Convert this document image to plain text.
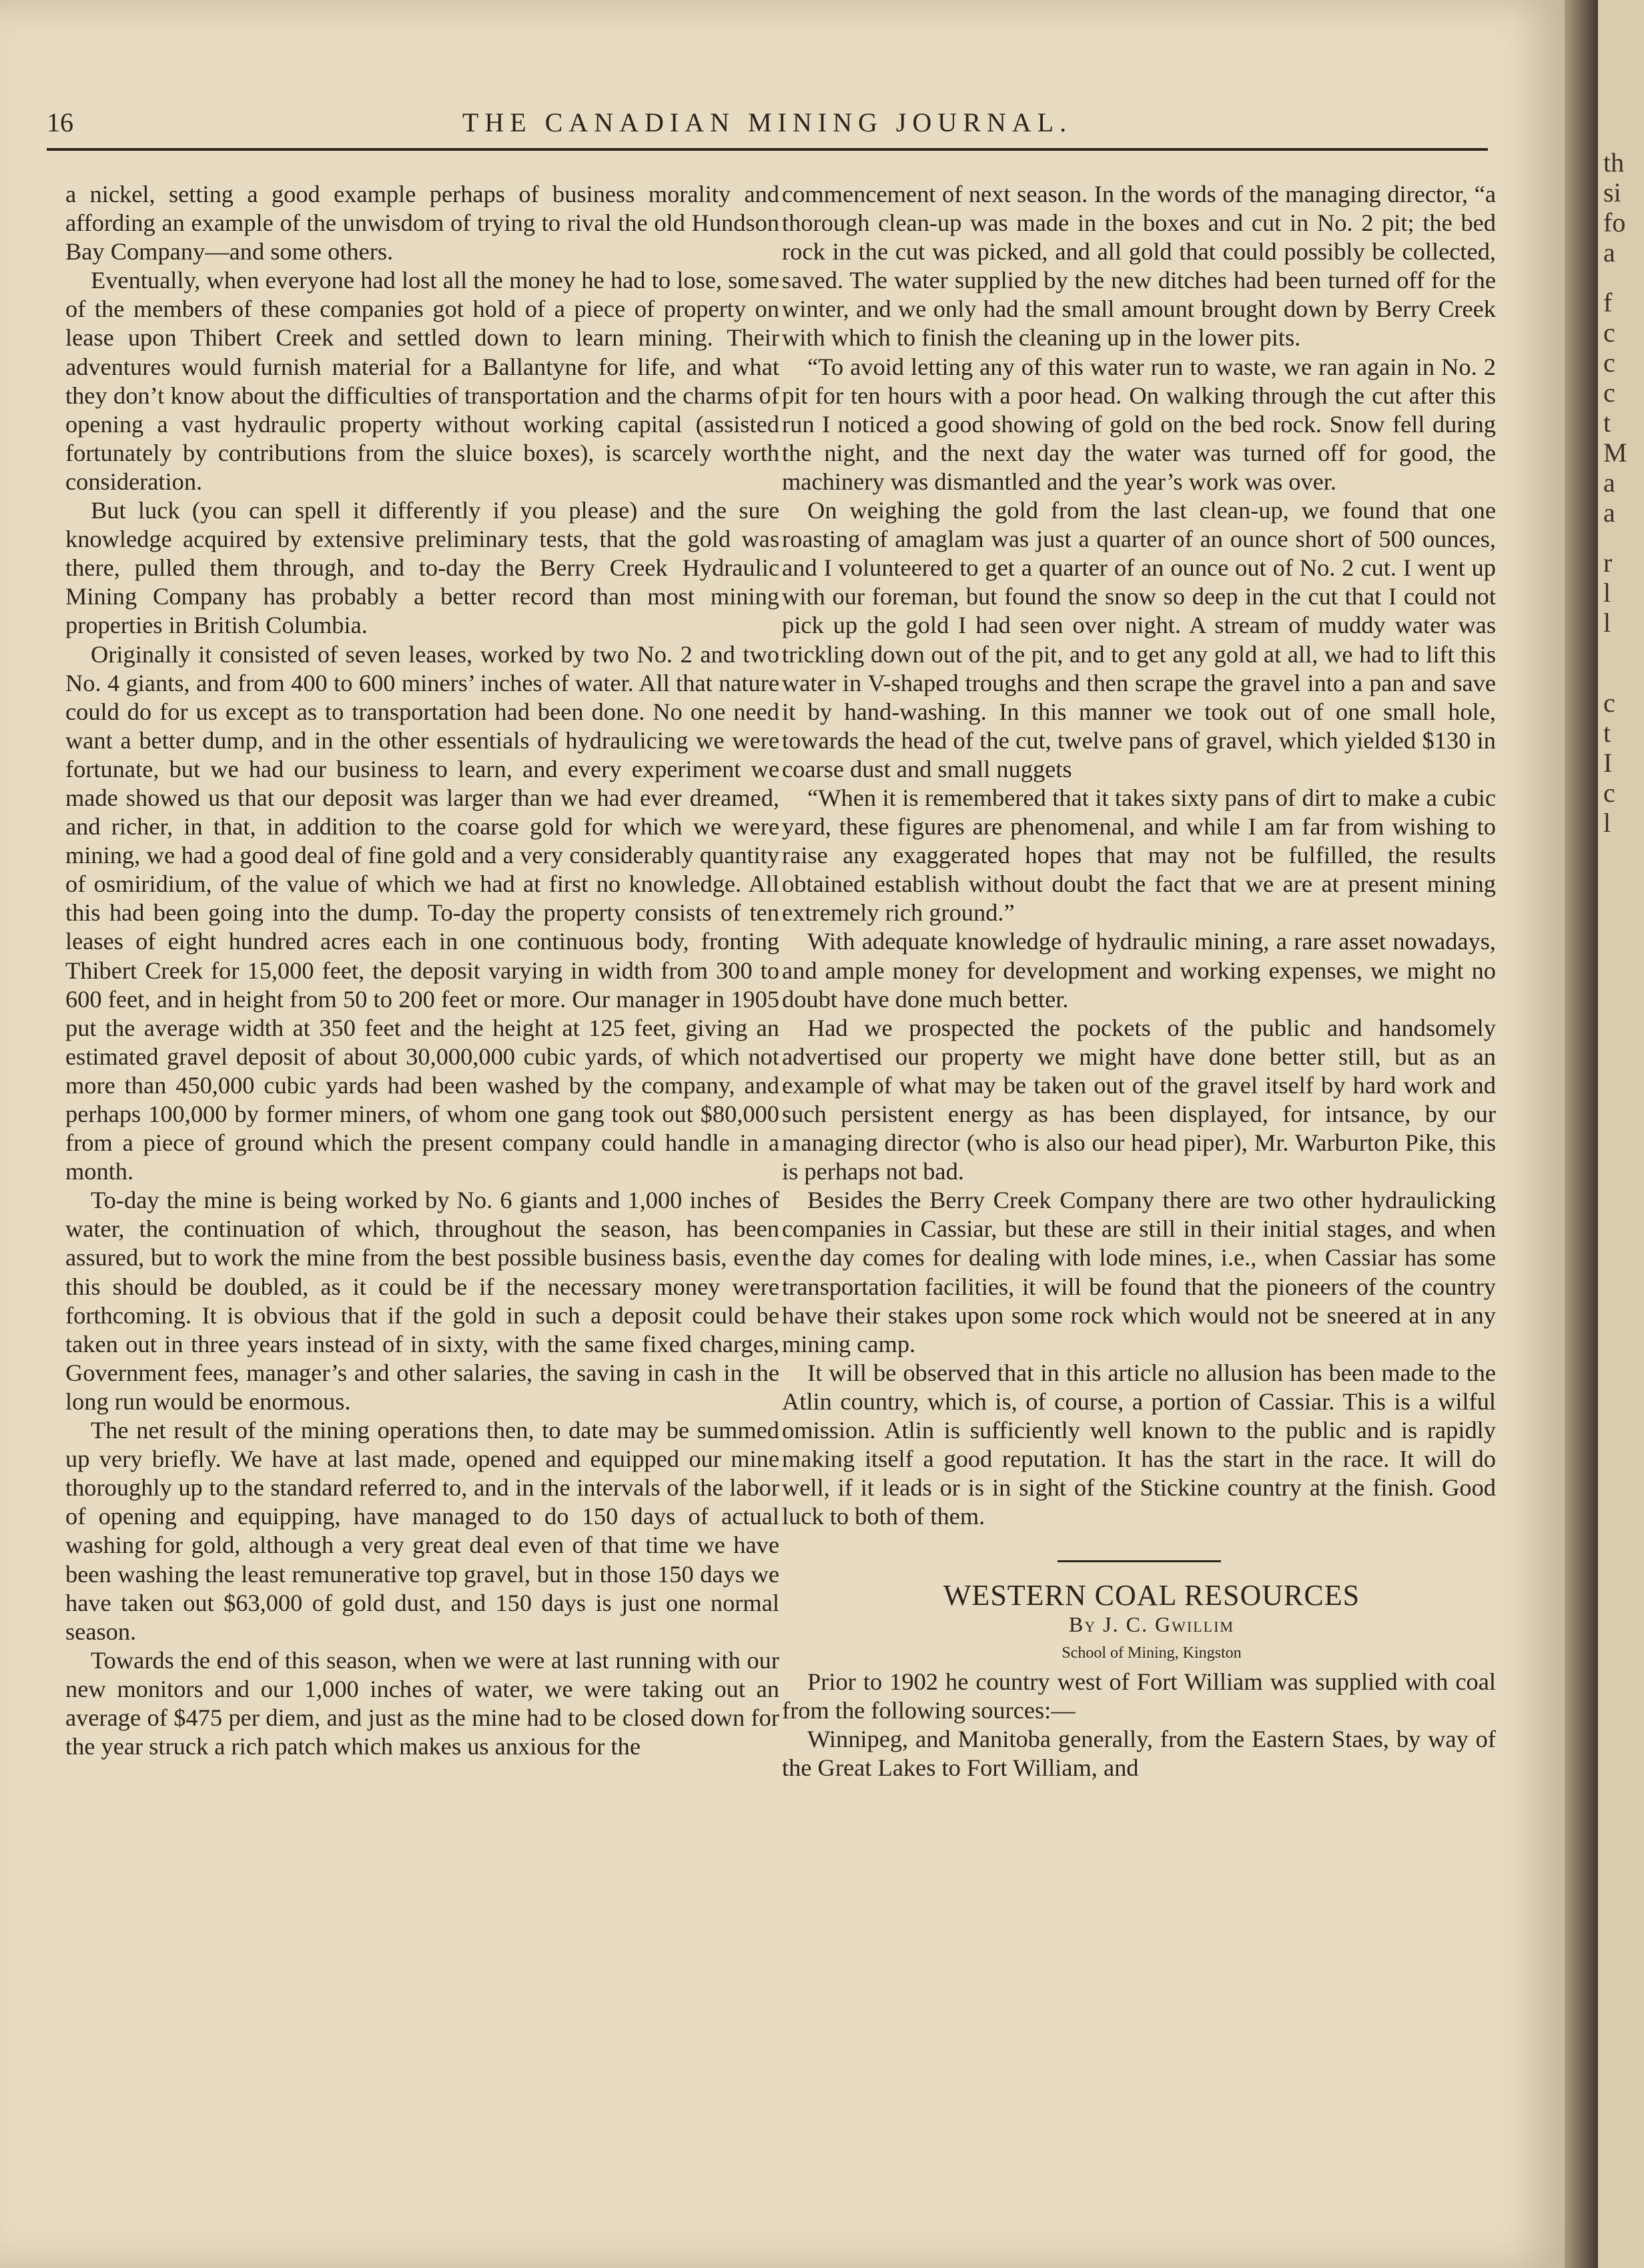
16	THE CANADIAN MINING JOURNAL.

a nickel, setting a good example perhaps of business morality and affording an example of the unwisdom of trying to rival the old Hundson Bay Company—and some others.

Eventually, when everyone had lost all the money he had to lose, some of the members of these companies got hold of a piece of property on lease upon Thibert Creek and settled down to learn mining. Their adventures would furnish material for a Ballantyne for life, and what they don’t know about the difficulties of transportation and the charms of opening a vast hydraulic property without working capital (assisted fortunately by contributions from the sluice boxes), is scarcely worth consideration.

But luck (you can spell it differently if you please) and the sure knowledge acquired by extensive preliminary tests, that the gold was there, pulled them through, and to-day the Berry Creek Hydraulic Mining Company has probably a better record than most mining properties in British Columbia.

Originally it consisted of seven leases, worked by two No. 2 and two No. 4 giants, and from 400 to 600 miners’ inches of water. All that nature could do for us except as to transportation had been done. No one need want a better dump, and in the other essentials of hydraulicing we were fortunate, but we had our business to learn, and every experiment we made showed us that our deposit was larger than we had ever dreamed, and richer, in that, in addition to the coarse gold for which we were mining, we had a good deal of fine gold and a very considerably quantity of osmiridium, of the value of which we had at first no knowledge. All this had been going into the dump. To-day the property consists of ten leases of eight hundred acres each in one continuous body, fronting Thibert Creek for 15,000 feet, the deposit varying in width from 300 to 600 feet, and in height from 50 to 200 feet or more. Our manager in 1905 put the average width at 350 feet and the height at 125 feet, giving an estimated gravel deposit of about 30,000,000 cubic yards, of which not more than 450,000 cubic yards had been washed by the company, and perhaps 100,000 by former miners, of whom one gang took out $80,000 from a piece of ground which the present company could handle in a month.

To-day the mine is being worked by No. 6 giants and 1,000 inches of water, the continuation of which, throughout the season, has been assured, but to work the mine from the best possible business basis, even this should be doubled, as it could be if the necessary money were forthcoming. It is obvious that if the gold in such a deposit could be taken out in three years instead of in sixty, with the same fixed charges, Government fees, manager’s and other salaries, the saving in cash in the long run would be enormous.

The net result of the mining operations then, to date may be summed up very briefly. We have at last made, opened and equipped our mine thoroughly up to the standard referred to, and in the intervals of the labor of opening and equipping, have managed to do 150 days of actual washing for gold, although a very great deal even of that time we have been washing the least remunerative top gravel, but in those 150 days we have taken out $63,000 of gold dust, and 150 days is just one normal season.

Towards the end of this season, when we were at last running with our new monitors and our 1,000 inches of water, we were taking out an average of $475 per diem, and just as the mine had to be closed down for the year struck a rich patch which makes us anxious for the

commencement of next season. In the words of the managing director, “a thorough clean-up was made in the boxes and cut in No. 2 pit; the bed rock in the cut was picked, and all gold that could possibly be collected, saved. The water supplied by the new ditches had been turned off for the winter, and we only had the small amount brought down by Berry Creek with which to finish the cleaning up in the lower pits.

“To avoid letting any of this water run to waste, we ran again in No. 2 pit for ten hours with a poor head. On walking through the cut after this run I noticed a good showing of gold on the bed rock. Snow fell during the night, and the next day the water was turned off for good, the machinery was dismantled and the year’s work was over.

On weighing the gold from the last clean-up, we found that one roasting of amaglam was just a quarter of an ounce short of 500 ounces, and I volunteered to get a quarter of an ounce out of No. 2 cut. I went up with our foreman, but found the snow so deep in the cut that I could not pick up the gold I had seen over night. A stream of muddy water was trickling down out of the pit, and to get any gold at all, we had to lift this water in V-shaped troughs and then scrape the gravel into a pan and save it by hand-washing. In this manner we took out of one small hole, towards the head of the cut, twelve pans of gravel, which yielded $130 in coarse dust and small nuggets

“When it is remembered that it takes sixty pans of dirt to make a cubic yard, these figures are phenomenal, and while I am far from wishing to raise any exaggerated hopes that may not be fulfilled, the results obtained establish without doubt the fact that we are at present mining extremely rich ground.”

With adequate knowledge of hydraulic mining, a rare asset nowadays, and ample money for development and working expenses, we might no doubt have done much better.

Had we prospected the pockets of the public and handsomely advertised our property we might have done better still, but as an example of what may be taken out of the gravel itself by hard work and such persistent energy as has been displayed, for intsance, by our managing director (who is also our head piper), Mr. Warburton Pike, this is perhaps not bad.

Besides the Berry Creek Company there are two other hydraulicking companies in Cassiar, but these are still in their initial stages, and when the day comes for dealing with lode mines, i.e., when Cassiar has some transportation facilities, it will be found that the pioneers of the country have their stakes upon some rock which would not be sneered at in any mining camp.

It will be observed that in this article no allusion has been made to the Atlin country, which is, of course, a portion of Cassiar. This is a wilful omission. Atlin is sufficiently well known to the public and is rapidly making itself a good reputation. It has the start in the race. It will do well, if it leads or is in sight of the Stickine country at the finish. Good luck to both of them.

WESTERN COAL RESOURCES

By J. C. Gwillim

School of Mining, Kingston

Prior to 1902 he country west of Fort William was supplied with coal from the following sources:—

Winnipeg, and Manitoba generally, from the Eastern Staes, by way of the Great Lakes to Fort William, and

th
si
fo
a
f
c
c
c
t
M
a
a
r
l
l
c
t
I
c
l
